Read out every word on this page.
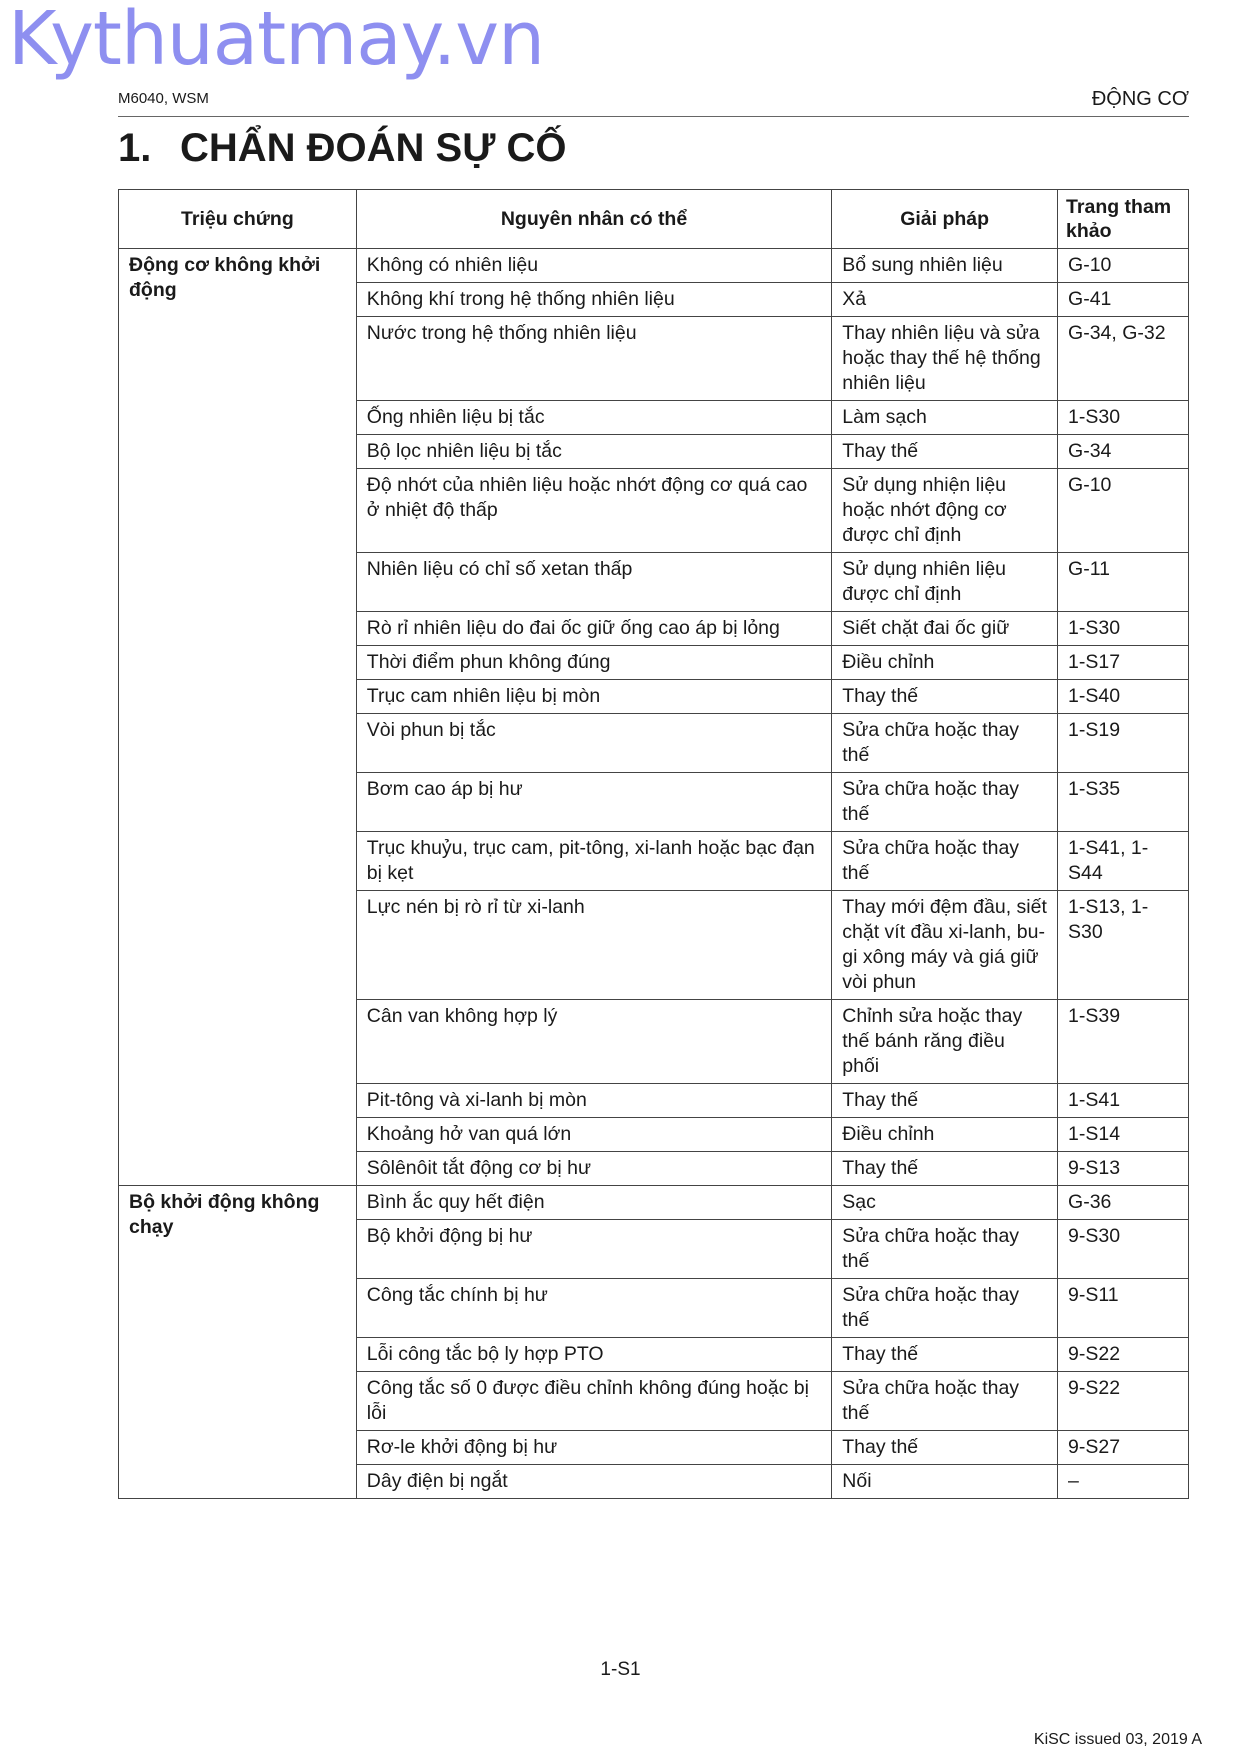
Kythuatmay.vn
M6040, WSM	ĐỘNG CƠ
1. CHẨN ĐOÁN SỰ CỐ
Triệu chứng	Nguyên nhân có thể	Giải pháp	Trang tham khảo
Động cơ không khởi động	Không có nhiên liệu	Bổ sung nhiên liệu	G-10
	Không khí trong hệ thống nhiên liệu	Xả	G-41
	Nước trong hệ thống nhiên liệu	Thay nhiên liệu và sửa hoặc thay thế hệ thống nhiên liệu	G-34, G-32
	Ống nhiên liệu bị tắc	Làm sạch	1-S30
	Bộ lọc nhiên liệu bị tắc	Thay thế	G-34
	Độ nhớt của nhiên liệu hoặc nhớt động cơ quá cao ở nhiệt độ thấp	Sử dụng nhiện liệu hoặc nhớt động cơ được chỉ định	G-10
	Nhiên liệu có chỉ số xetan thấp	Sử dụng nhiên liệu được chỉ định	G-11
	Rò rỉ nhiên liệu do đai ốc giữ ống cao áp bị lỏng	Siết chặt đai ốc giữ	1-S30
	Thời điểm phun không đúng	Điều chỉnh	1-S17
	Trục cam nhiên liệu bị mòn	Thay thế	1-S40
	Vòi phun bị tắc	Sửa chữa hoặc thay thế	1-S19
	Bơm cao áp bị hư	Sửa chữa hoặc thay thế	1-S35
	Trục khuỷu, trục cam, pit-tông, xi-lanh hoặc bạc đạn bị kẹt	Sửa chữa hoặc thay thế	1-S41, 1-S44
	Lực nén bị rò rỉ từ xi-lanh	Thay mới đệm đầu, siết chặt vít đầu xi-lanh, bu-gi xông máy và giá giữ vòi phun	1-S13, 1-S30
	Cân van không hợp lý	Chỉnh sửa hoặc thay thế bánh răng điều phối	1-S39
	Pit-tông và xi-lanh bị mòn	Thay thế	1-S41
	Khoảng hở van quá lớn	Điều chỉnh	1-S14
	Sôlênôit tắt động cơ bị hư	Thay thế	9-S13
Bộ khởi động không chạy	Bình ắc quy hết điện	Sạc	G-36
	Bộ khởi động bị hư	Sửa chữa hoặc thay thế	9-S30
	Công tắc chính bị hư	Sửa chữa hoặc thay thế	9-S11
	Lỗi công tắc bộ ly hợp PTO	Thay thế	9-S22
	Công tắc số 0 được điều chỉnh không đúng hoặc bị lỗi	Sửa chữa hoặc thay thế	9-S22
	Rơ-le khởi động bị hư	Thay thế	9-S27
	Dây điện bị ngắt	Nối	–
1-S1
KiSC issued 03, 2019 A
